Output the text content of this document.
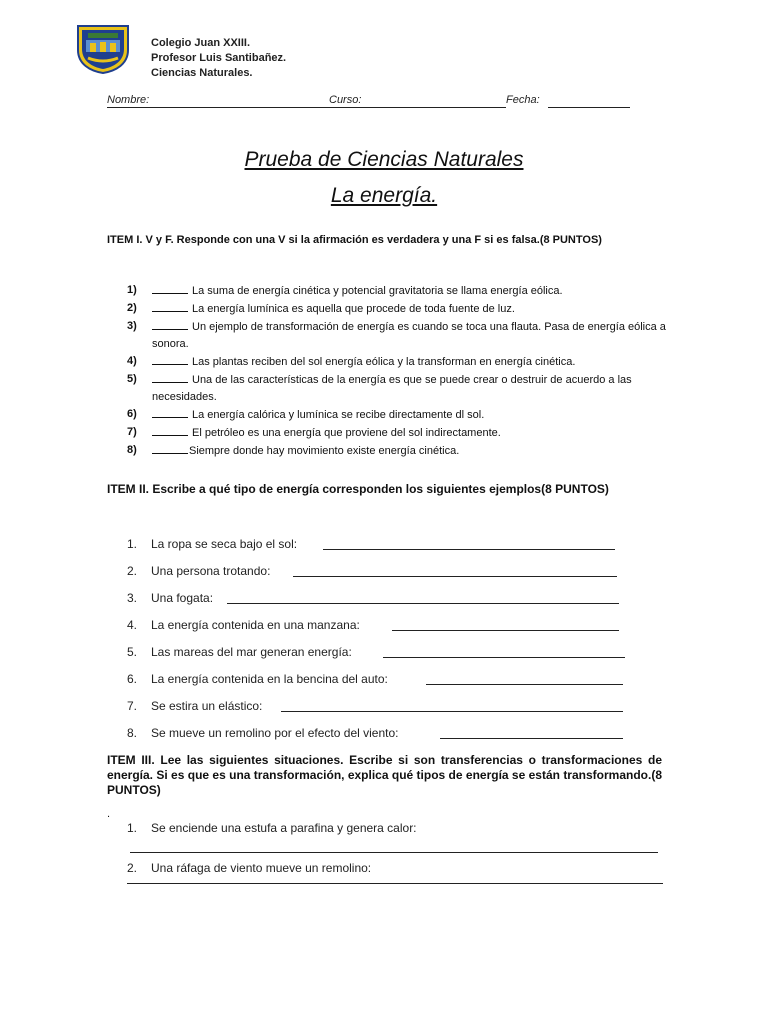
Colegio Juan XXIII.
Profesor Luis Santibañez.
Ciencias Naturales.
Nombre:	Curso:	Fecha:
Prueba de Ciencias Naturales
La energía.
ITEM I. V y F. Responde con una V si la afirmación es verdadera y una F si es falsa.(8 PUNTOS)
1)	La suma de energía cinética y potencial gravitatoria se llama energía eólica.
2)	La energía lumínica es aquella que procede de toda fuente de luz.
3)	Un ejemplo de transformación de energía es cuando se toca una flauta. Pasa de energía eólica a sonora.
4)	Las plantas reciben del sol energía eólica y la transforman en energía cinética.
5)	Una de las características de la energía es que se puede crear o destruir de acuerdo a las necesidades.
6)	La energía calórica y lumínica se recibe directamente dl sol.
7)	El petróleo es una energía que proviene del sol indirectamente.
8)	Siempre donde hay movimiento existe energía cinética.
ITEM II. Escribe a qué tipo de energía corresponden los siguientes ejemplos(8 PUNTOS)
1. La ropa se seca bajo el sol:
2. Una persona trotando:
3. Una fogata:
4. La energía contenida en una manzana:
5. Las mareas del mar generan energía:
6. La energía contenida en la bencina del auto:
7. Se estira un elástico:
8. Se mueve un remolino por el efecto del viento:
ITEM III. Lee las siguientes situaciones. Escribe si son transferencias o transformaciones de energía. Si es que es una transformación, explica qué tipos de energía se están transformando.(8 PUNTOS)
.
1. Se enciende una estufa a parafina y genera calor:
2. Una ráfaga de viento mueve un remolino:
